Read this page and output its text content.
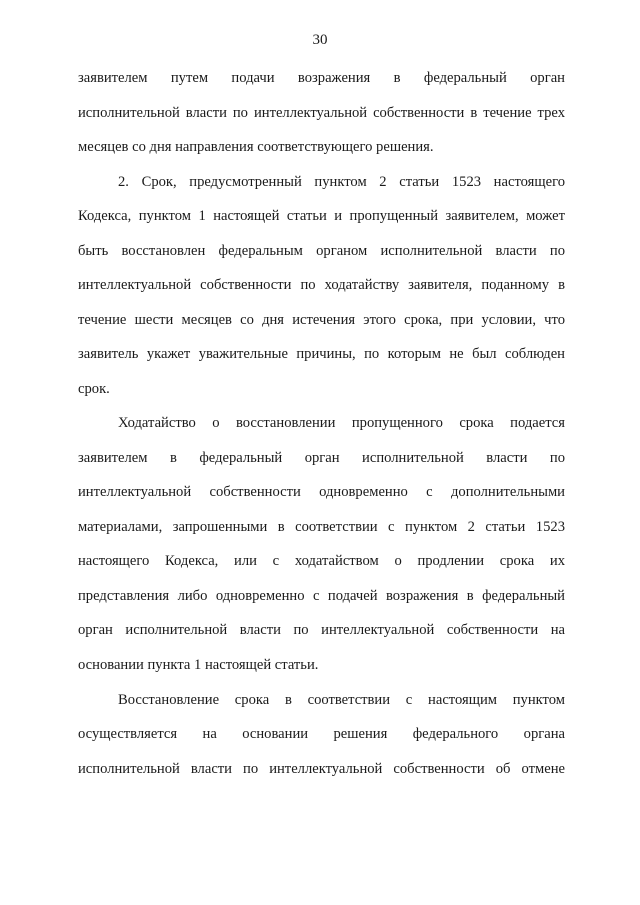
30
заявителем путем подачи возражения в федеральный орган
исполнительной власти по интеллектуальной собственности в течение трех
месяцев со дня направления соответствующего решения.
2. Срок, предусмотренный пунктом 2 статьи 1523 настоящего
Кодекса, пунктом 1 настоящей статьи и пропущенный заявителем, может
быть восстановлен федеральным органом исполнительной власти по
интеллектуальной собственности по ходатайству заявителя, поданному в
течение шести месяцев со дня истечения этого срока, при условии, что
заявитель укажет уважительные причины, по которым не был соблюден
срок.
Ходатайство о восстановлении пропущенного срока подается
заявителем в федеральный орган исполнительной власти по
интеллектуальной собственности одновременно с дополнительными
материалами, запрошенными в соответствии с пунктом 2 статьи 1523
настоящего Кодекса, или с ходатайством о продлении срока их
представления либо одновременно с подачей возражения в федеральный
орган исполнительной власти по интеллектуальной собственности на
основании пункта 1 настоящей статьи.
Восстановление срока в соответствии с настоящим пунктом
осуществляется на основании решения федерального органа
исполнительной власти по интеллектуальной собственности об отмене
